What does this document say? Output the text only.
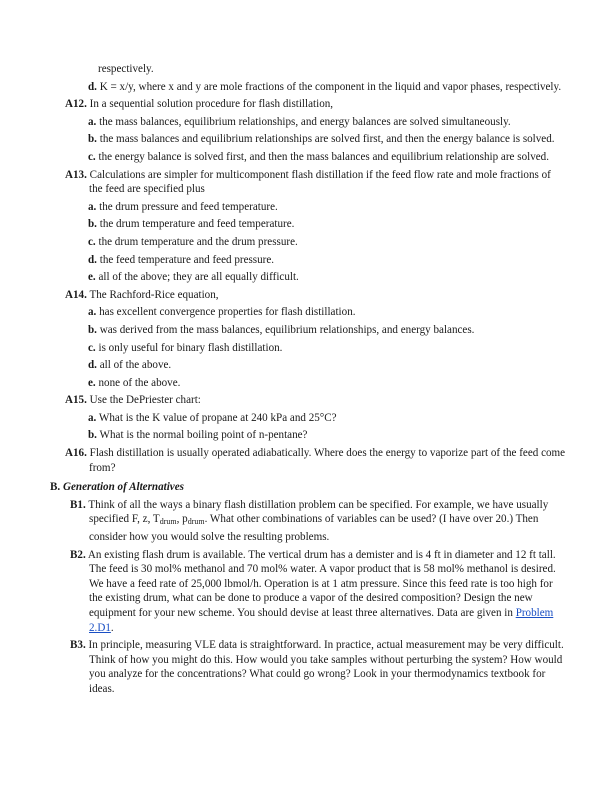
respectively.

d. K = x/y, where x and y are mole fractions of the component in the liquid and vapor phases, respectively.

A12. In a sequential solution procedure for flash distillation,

a. the mass balances, equilibrium relationships, and energy balances are solved simultaneously.

b. the mass balances and equilibrium relationships are solved first, and then the energy balance is solved.

c. the energy balance is solved first, and then the mass balances and equilibrium relationship are solved.

A13. Calculations are simpler for multicomponent flash distillation if the feed flow rate and mole fractions of the feed are specified plus

a. the drum pressure and feed temperature.

b. the drum temperature and feed temperature.

c. the drum temperature and the drum pressure.

d. the feed temperature and feed pressure.

e. all of the above; they are all equally difficult.

A14. The Rachford-Rice equation,

a. has excellent convergence properties for flash distillation.

b. was derived from the mass balances, equilibrium relationships, and energy balances.

c. is only useful for binary flash distillation.

d. all of the above.

e. none of the above.

A15. Use the DePriester chart:

a. What is the K value of propane at 240 kPa and 25°C?

b. What is the normal boiling point of n-pentane?

A16. Flash distillation is usually operated adiabatically. Where does the energy to vaporize part of the feed come from?

B. Generation of Alternatives

B1. Think of all the ways a binary flash distillation problem can be specified. For example, we have usually specified F, z, $T_{drum}$, $p_{drum}$. What other combinations of variables can be used? (I have over 20.) Then consider how you would solve the resulting problems.

B2. An existing flash drum is available. The vertical drum has a demister and is 4 ft in diameter and 12 ft tall. The feed is 30 mol% methanol and 70 mol% water. A vapor product that is 58 mol% methanol is desired. We have a feed rate of 25,000 lbmol/h. Operation is at 1 atm pressure. Since this feed rate is too high for the existing drum, what can be done to produce a vapor of the desired composition? Design the new equipment for your new scheme. You should devise at least three alternatives. Data are given in Problem 2.D1.

B3. In principle, measuring VLE data is straightforward. In practice, actual measurement may be very difficult. Think of how you might do this. How would you take samples without perturbing the system? How would you analyze for the concentrations? What could go wrong? Look in your thermodynamics textbook for ideas.
